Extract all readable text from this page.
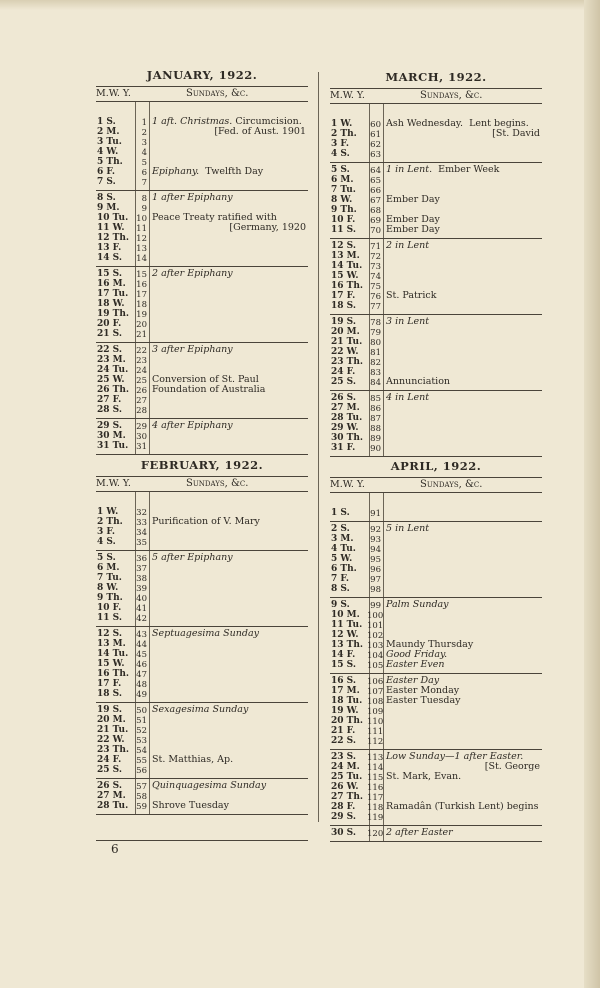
JANUARY, 1922.
M.W. Y.	Sundays, &c.
1 S.	1 1 aft. Christmas. Circumcision.
2 M.	2	[Fed. of Aust. 1901
3 Tu.	3
4 W.	4
5 Th.	5
6 F.	6 Epiphany.  Twelfth Day
7 S.	7
8 S.	8 1 after Epiphany
9 M.	9
10 Tu. 10 Peace Treaty ratified with
11 W.	11	[Germany, 1920
12 Th. 12
13 F.	13
14 S.	14
15 S.	15 2 after Epiphany
16 M.	16
17 Tu. 17
18 W.	18
19 Th. 19
20 F.	20
21 S.	21
22 S.	22 3 after Epiphany
23 M.	23
24 Tu. 24
25 W.	25 Conversion of St. Paul
26 Th. 26 Foundation of Australia
27 F.	27
28 S.	28
29 S.	29 4 after Epiphany
30 M.	30
31 Tu. 31
FEBRUARY, 1922.
M.W. Y.	Sundays, &c.
1 W.	32
2 Th.	33 Purification of V. Mary
3 F.	34
4 S.	35
5 S.	36 5 after Epiphany
6 M.	37
7 Tu.	38
8 W.	39
9 Th.	40
10 F.	41
11 S.	42
12 S.	43 Septuagesima Sunday
13 M.	44
14 Tu. 45
15 W.	46
16 Th. 47
17 F.	48
18 S.	49
19 S.	50 Sexagesima Sunday
20 M.	51
21 Tu. 52
22 W.	53
23 Th. 54
24 F.	55 St. Matthias, Ap.
25 S.	56
26 S.	57 Quinquagesima Sunday
27 M.	58
28 Tu. 59 Shrove Tuesday
MARCH, 1922.
M.W. Y.	Sundays, &c.
1 W.	60 Ash Wednesday.  Lent begins.
2 Th.	61	[St. David
3 F.	62
4 S.	63
5 S.	64 1 in Lent.  Ember Week
6 M.	65
7 Tu.	66
8 W.	67 Ember Day
9 Th.	68
10 F.	69 Ember Day
11 S.	70 Ember Day
12 S.	71 2 in Lent
13 M.	72
14 Tu. 73
15 W.	74
16 Th. 75
17 F.	76 St. Patrick
18 S.	77
19 S.	78 3 in Lent
20 M.	79
21 Tu. 80
22 W.	81
23 Th. 82
24 F.	83
25 S.	84 Annunciation
26 S.	85 4 in Lent
27 M.	86
28 Tu. 87
29 W.	88
30 Th. 89
31 F.	90
APRIL, 1922.
M.W. Y.	Sundays, &c.
1 S.	91
2 S.	92 5 in Lent
3 M.	93
4 Tu.	94
5 W.	95
6 Th.	96
7 F.	97
8 S.	98
9 S.	99 Palm Sunday
10 M. 100
11 Tu. 101
12 W. 102
13 Th. 103 Maundy Thursday
14 F. 104 Good Friday.
15 S. 105 Easter Even
16 S. 106 Easter Day
17 M. 107 Easter Monday
18 Tu. 108 Easter Tuesday
19 W. 109
20 Th. 110
21 F. 111
22 S. 112
23 S. 113 Low Sunday—1 after Easter.
24 M. 114	[St. George
25 Tu. 115 St. Mark, Evan.
26 W. 116
27 Th. 117
28 F. 118 Ramadân (Turkish Lent) begins
29 S. 119
30 S. 120 2 after Easter
6
